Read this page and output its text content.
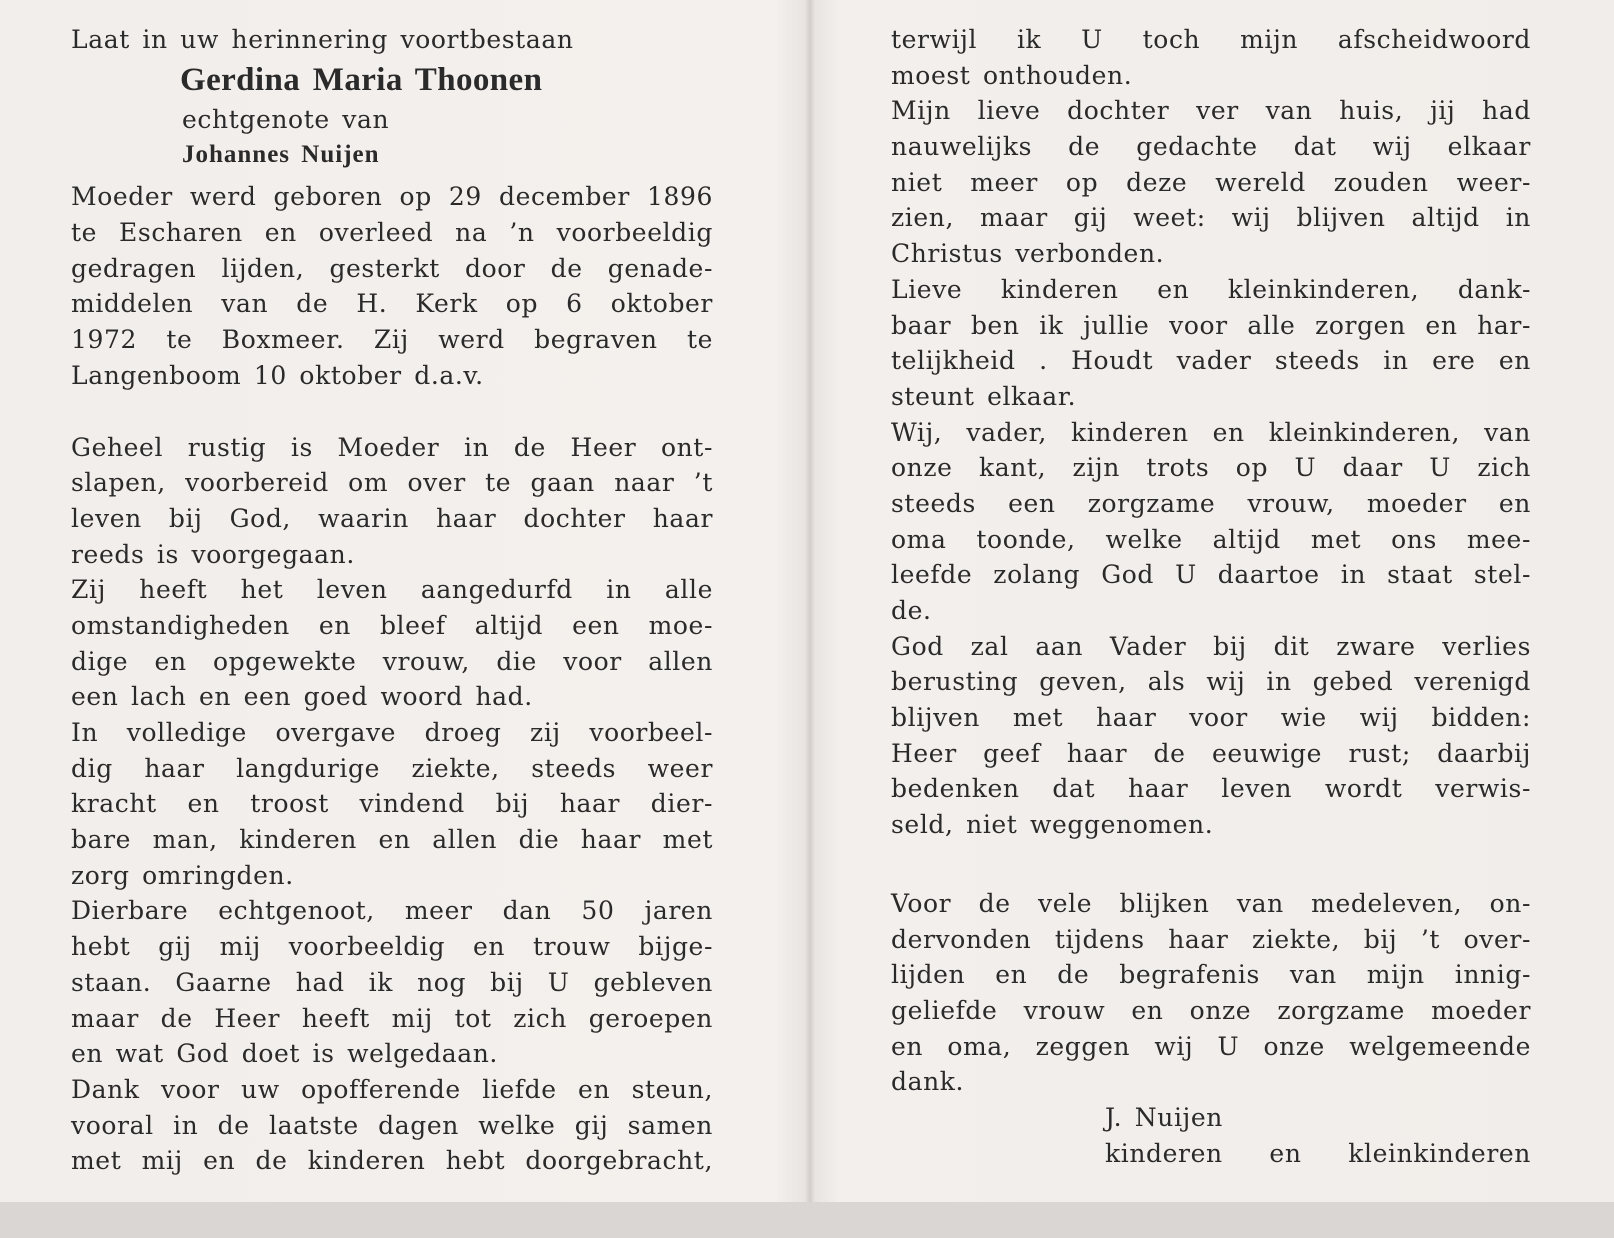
Laat in uw herinnering voortbestaan
Gerdina Maria Thoonen
echtgenote van
Johannes Nuijen
Moeder werd geboren op 29 december 1896
te Escharen en overleed na ’n voorbeeldig
gedragen lijden, gesterkt door de genade-
middelen van de H. Kerk op 6 oktober
1972 te Boxmeer. Zij werd begraven te
Langenboom 10 oktober d.a.v.
Geheel rustig is Moeder in de Heer ont-
slapen, voorbereid om over te gaan naar ’t
leven bij God, waarin haar dochter haar
reeds is voorgegaan.
Zij heeft het leven aangedurfd in alle
omstandigheden en bleef altijd een moe-
dige en opgewekte vrouw, die voor allen
een lach en een goed woord had.
In volledige overgave droeg zij voorbeel-
dig haar langdurige ziekte, steeds weer
kracht en troost vindend bij haar dier-
bare man, kinderen en allen die haar met
zorg omringden.
Dierbare echtgenoot, meer dan 50 jaren
hebt gij mij voorbeeldig en trouw bijge-
staan. Gaarne had ik nog bij U gebleven
maar de Heer heeft mij tot zich geroepen
en wat God doet is welgedaan.
Dank voor uw opofferende liefde en steun,
vooral in de laatste dagen welke gij samen
met mij en de kinderen hebt doorgebracht,
terwijl ik U toch mijn afscheidwoord
moest onthouden.
Mijn lieve dochter ver van huis, jij had
nauwelijks de gedachte dat wij elkaar
niet meer op deze wereld zouden weer-
zien, maar gij weet: wij blijven altijd in
Christus verbonden.
Lieve kinderen en kleinkinderen, dank-
baar ben ik jullie voor alle zorgen en har-
telijkheid . Houdt vader steeds in ere en
steunt elkaar.
Wij, vader, kinderen en kleinkinderen, van
onze kant, zijn trots op U daar U zich
steeds een zorgzame vrouw, moeder en
oma toonde, welke altijd met ons mee-
leefde zolang God U daartoe in staat stel-
de.
God zal aan Vader bij dit zware verlies
berusting geven, als wij in gebed verenigd
blijven met haar voor wie wij bidden:
Heer geef haar de eeuwige rust; daarbij
bedenken dat haar leven wordt verwis-
seld, niet weggenomen.
Voor de vele blijken van medeleven, on-
dervonden tijdens haar ziekte, bij ’t over-
lijden en de begrafenis van mijn innig-
geliefde vrouw en onze zorgzame moeder
en oma, zeggen wij U onze welgemeende
dank.
J. Nuijen
kinderen en kleinkinderen
